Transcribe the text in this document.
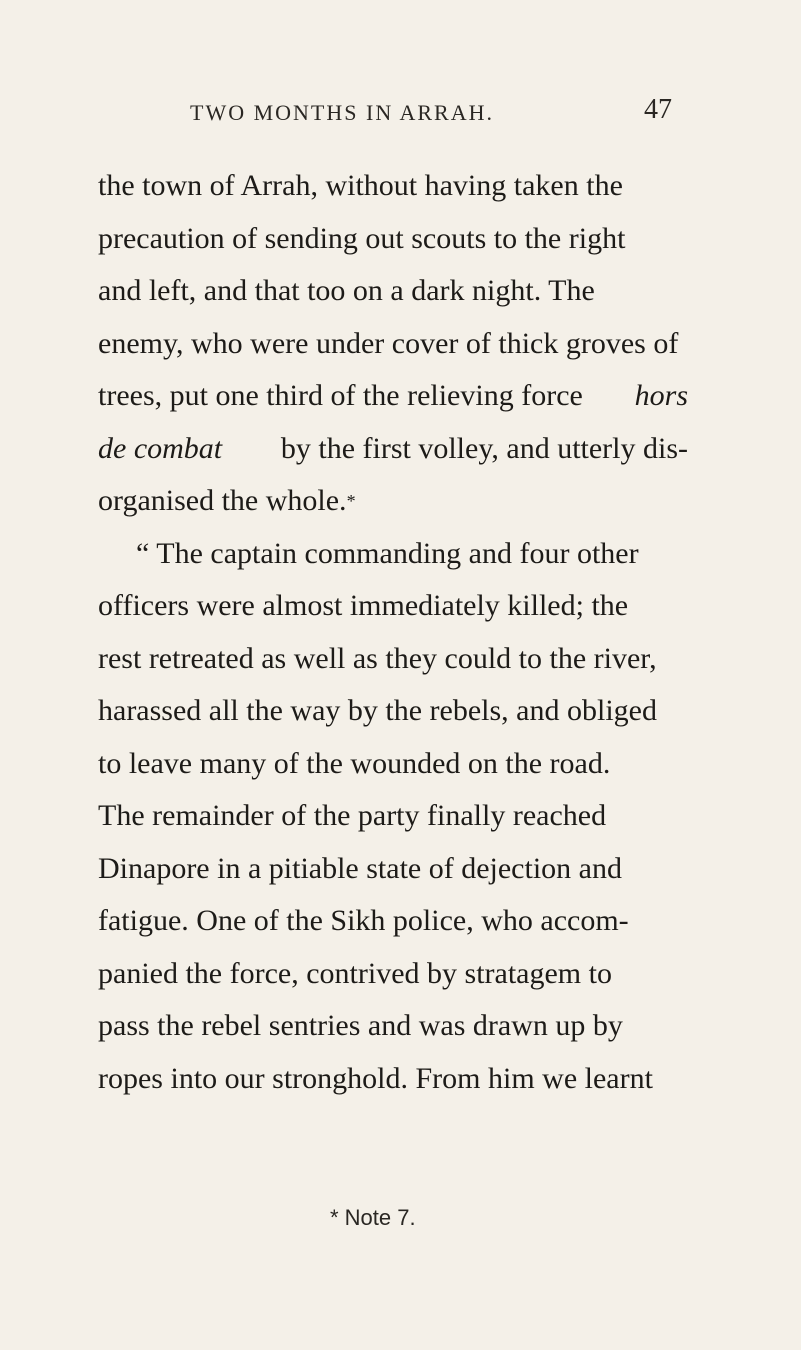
TWO MONTHS IN ARRAH.	47
the town of Arrah, without having taken the
precaution of sending out scouts to the right
and left, and that too on a dark night. The
enemy, who were under cover of thick groves of
trees, put one third of the relieving force hors
de combat by the first volley, and utterly dis-
organised the whole. *
“ The captain commanding and four other
officers were almost immediately killed; the
rest retreated as well as they could to the river,
harassed all the way by the rebels, and obliged
to leave many of the wounded on the road.
The remainder of the party finally reached
Dinapore in a pitiable state of dejection and
fatigue. One of the Sikh police, who accom-
panied the force, contrived by stratagem to
pass the rebel sentries and was drawn up by
ropes into our stronghold. From him we learnt
* Note 7.
